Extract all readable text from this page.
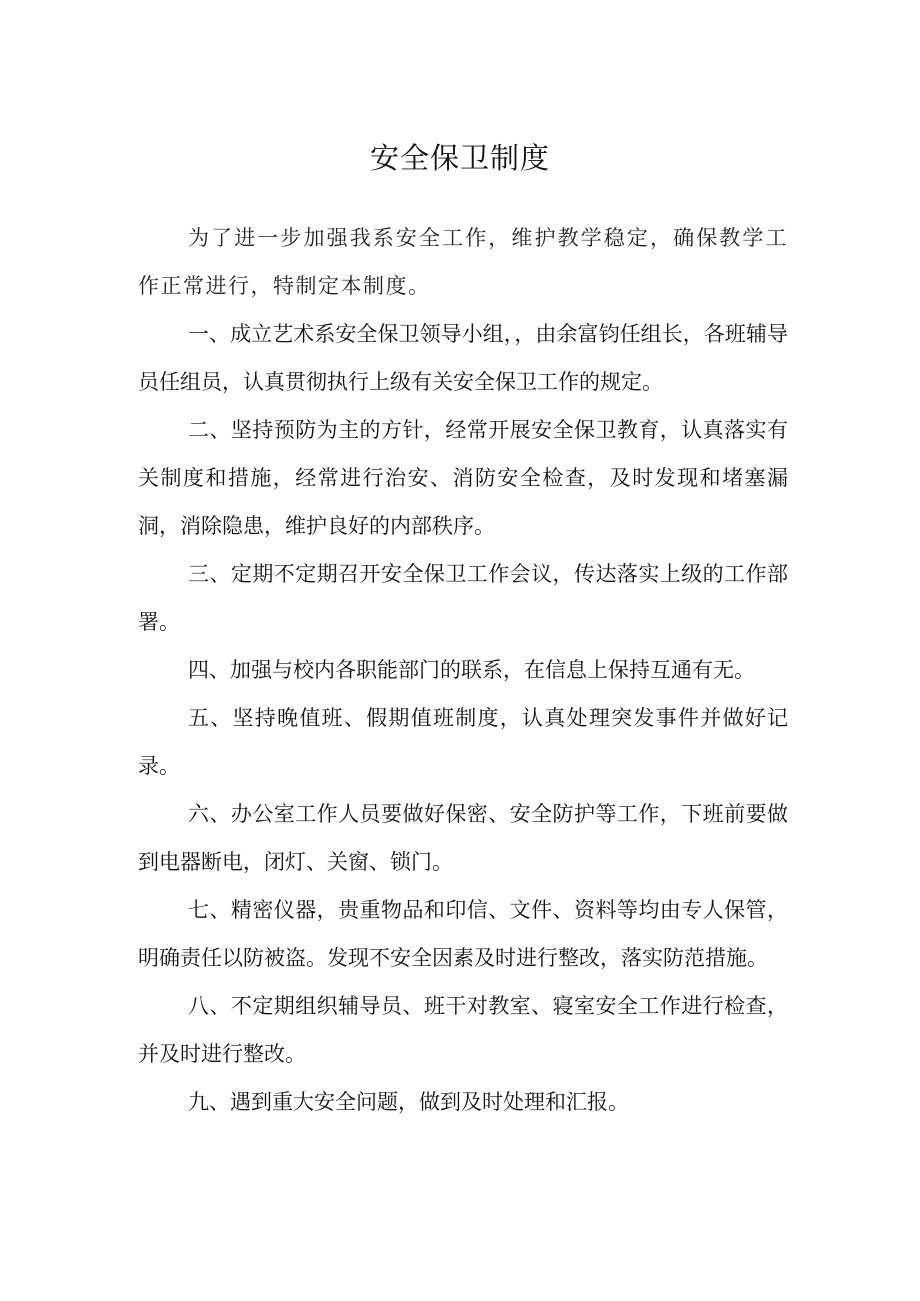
安全保卫制度

为了进一步加强我系安全工作，维护教学稳定，确保教学工作正常进行，特制定本制度。

一、成立艺术系安全保卫领导小组，，由余富钧任组长，各班辅导员任组员，认真贯彻执行上级有关安全保卫工作的规定。

二、坚持预防为主的方针，经常开展安全保卫教育，认真落实有关制度和措施，经常进行治安、消防安全检查，及时发现和堵塞漏洞，消除隐患，维护良好的内部秩序。

三、定期不定期召开安全保卫工作会议，传达落实上级的工作部署。

四、加强与校内各职能部门的联系，在信息上保持互通有无。

五、坚持晚值班、假期值班制度，认真处理突发事件并做好记录。

六、办公室工作人员要做好保密、安全防护等工作，下班前要做到电器断电，闭灯、关窗、锁门。

七、精密仪器，贵重物品和印信、文件、资料等均由专人保管，明确责任以防被盗。发现不安全因素及时进行整改，落实防范措施。

八、不定期组织辅导员、班干对教室、寝室安全工作进行检查，并及时进行整改。

九、遇到重大安全问题，做到及时处理和汇报。
